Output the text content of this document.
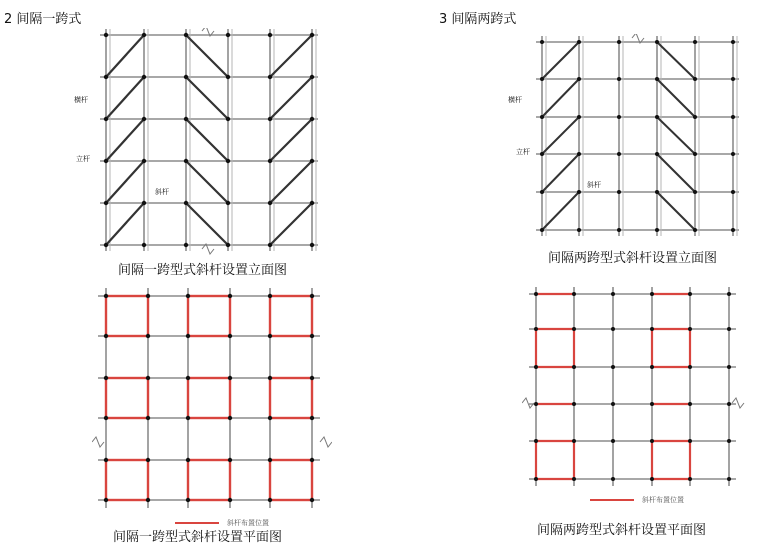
2 间隔一跨式	3 间隔两跨式
横杆
立杆
斜杆
间隔一跨型式斜杆设置立面图
横杆
立杆
斜杆
间隔两跨型式斜杆设置立面图
斜杆布置位置
间隔一跨型式斜杆设置平面图
斜杆布置位置
间隔两跨型式斜杆设置平面图
